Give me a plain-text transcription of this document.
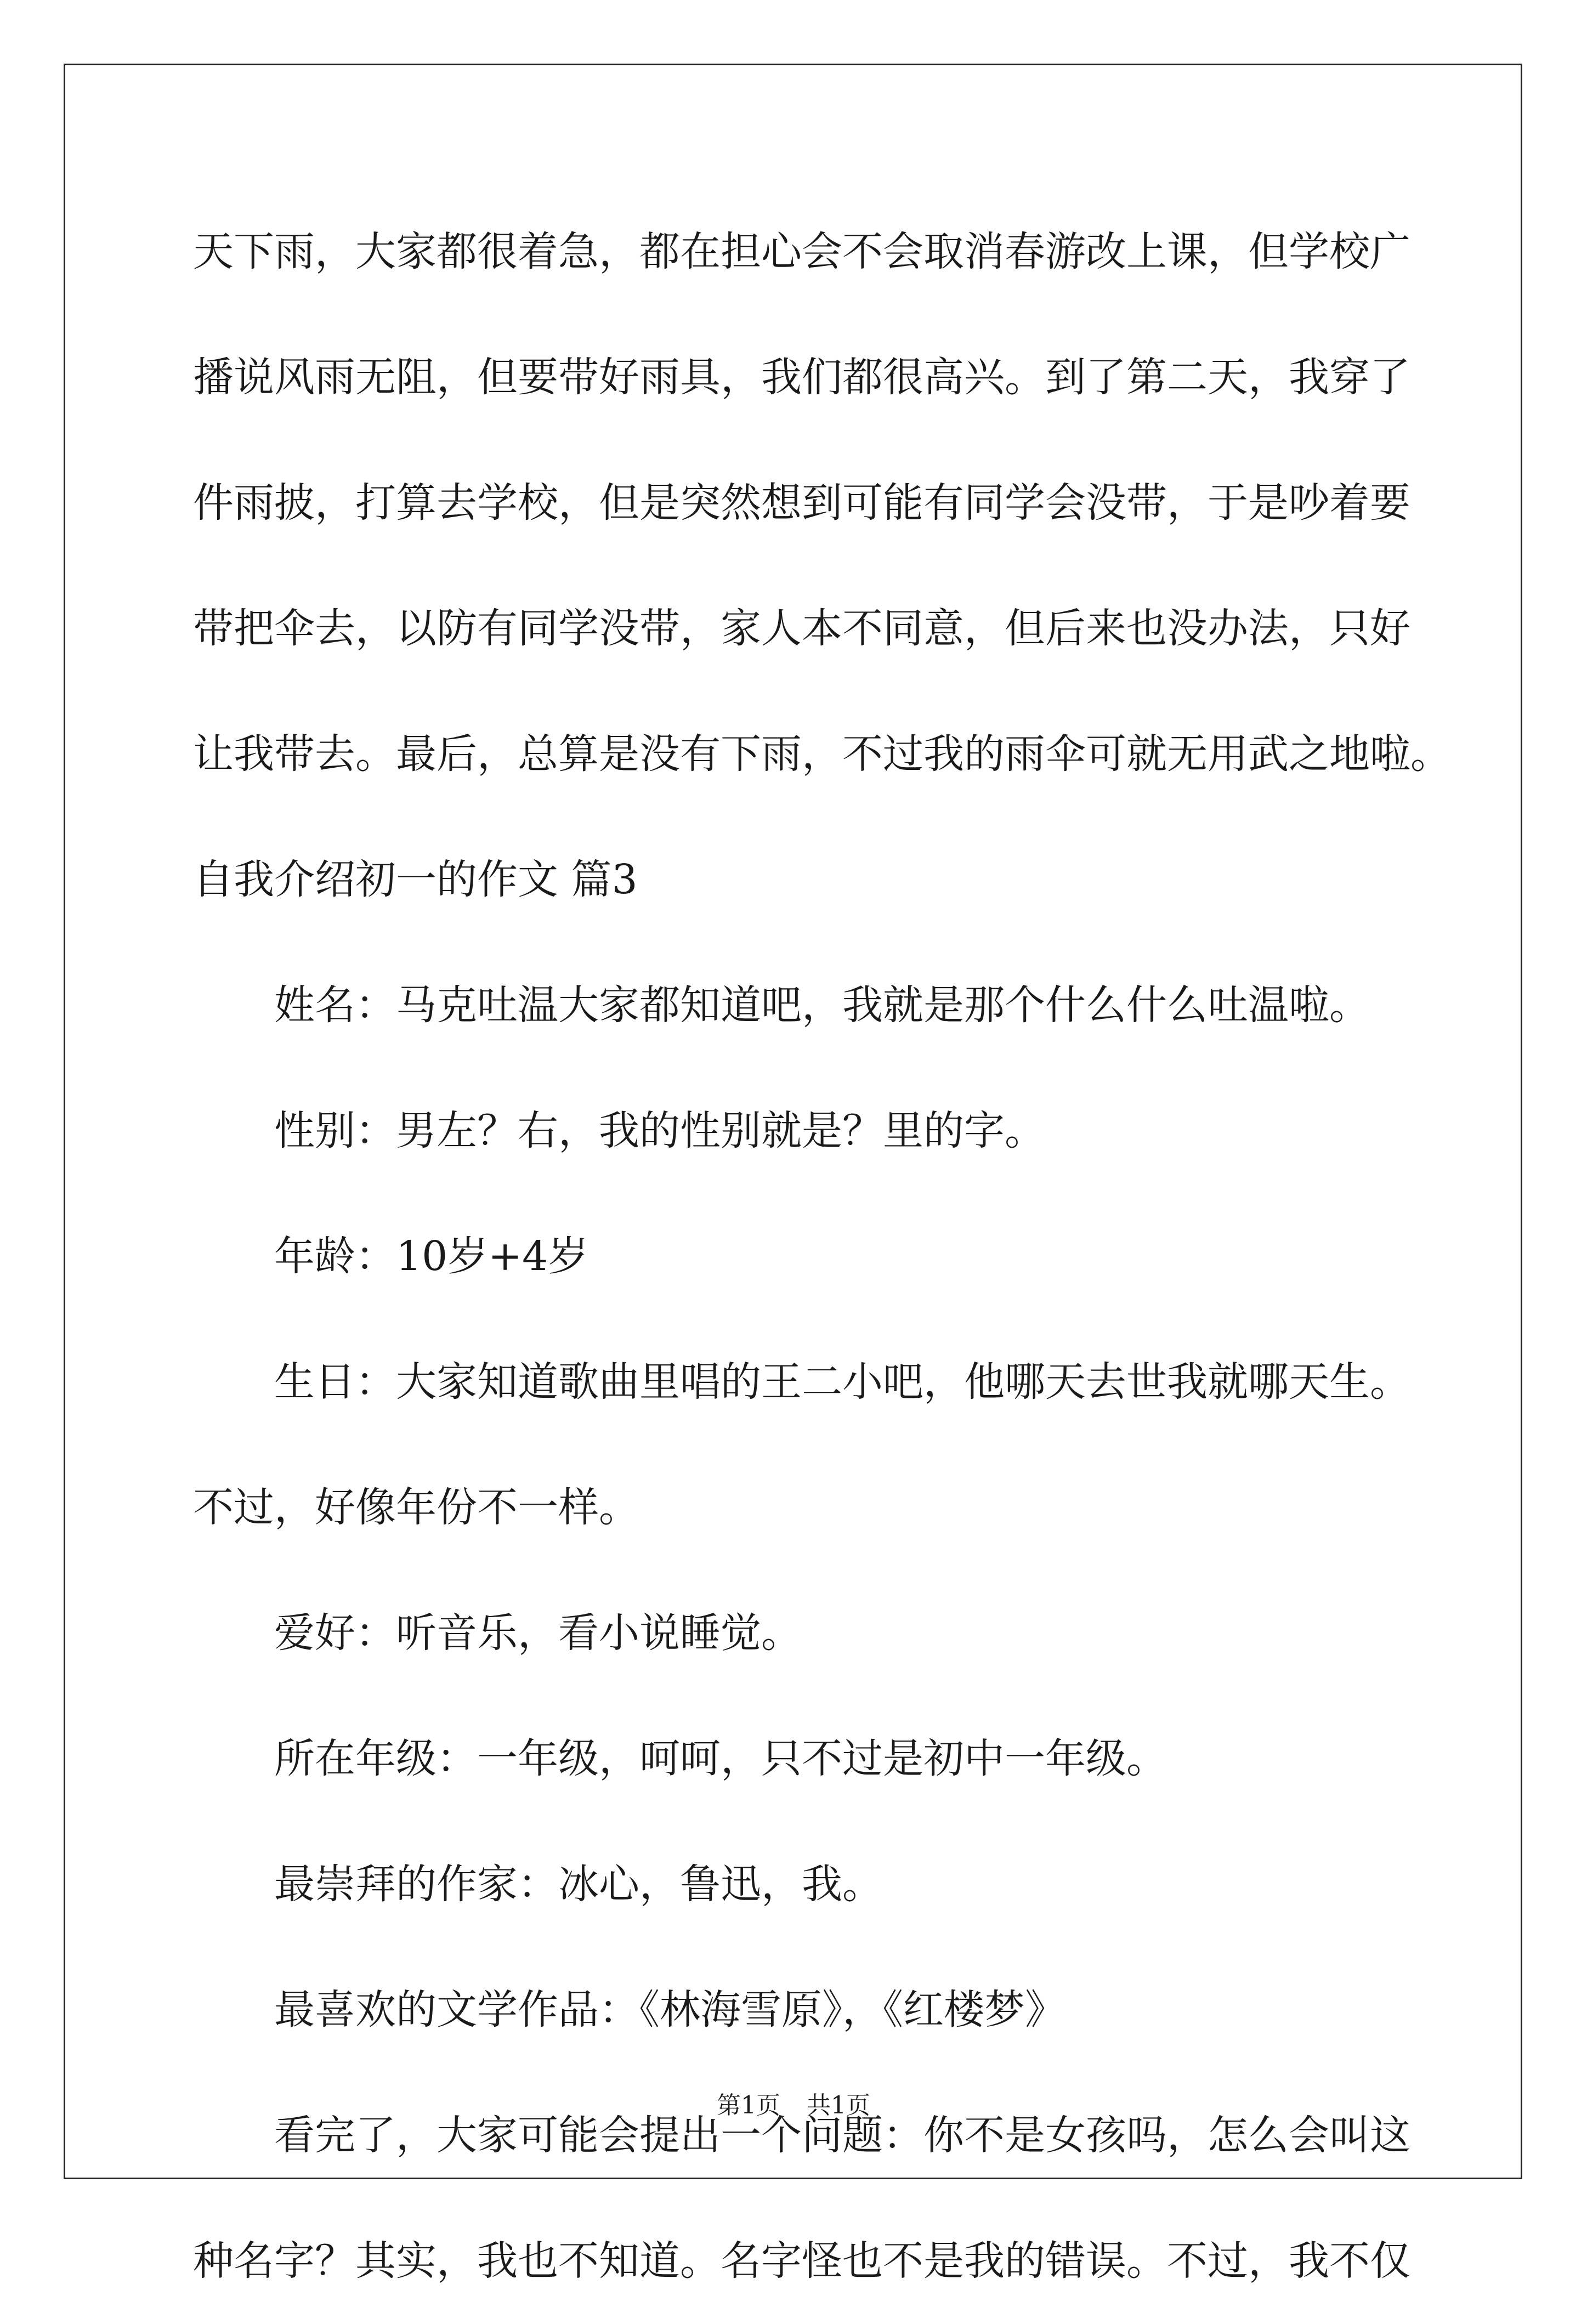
天下雨，大家都很着急，都在担心会不会取消春游改上课，但学校广
播说风雨无阻，但要带好雨具，我们都很高兴。到了第二天，我穿了
件雨披，打算去学校，但是突然想到可能有同学会没带，于是吵着要
带把伞去，以防有同学没带，家人本不同意，但后来也没办法，只好
让我带去。最后，总算是没有下雨，不过我的雨伞可就无用武之地啦。
自我介绍初一的作文 篇3
姓名：马克吐温大家都知道吧，我就是那个什么什么吐温啦。
性别：男左？右，我的性别就是？里的字。
年龄：10岁+4岁
生日：大家知道歌曲里唱的王二小吧，他哪天去世我就哪天生。
不过，好像年份不一样。
爱好：听音乐，看小说睡觉。
所在年级：一年级，呵呵，只不过是初中一年级。
最崇拜的作家：冰心，鲁迅，我。
最喜欢的文学作品：《林海雪原》，《红楼梦》
看完了，大家可能会提出一个问题：你不是女孩吗，怎么会叫这
种名字？其实，我也不知道。名字怪也不是我的错误。不过，我不仅
第1页 共1页
